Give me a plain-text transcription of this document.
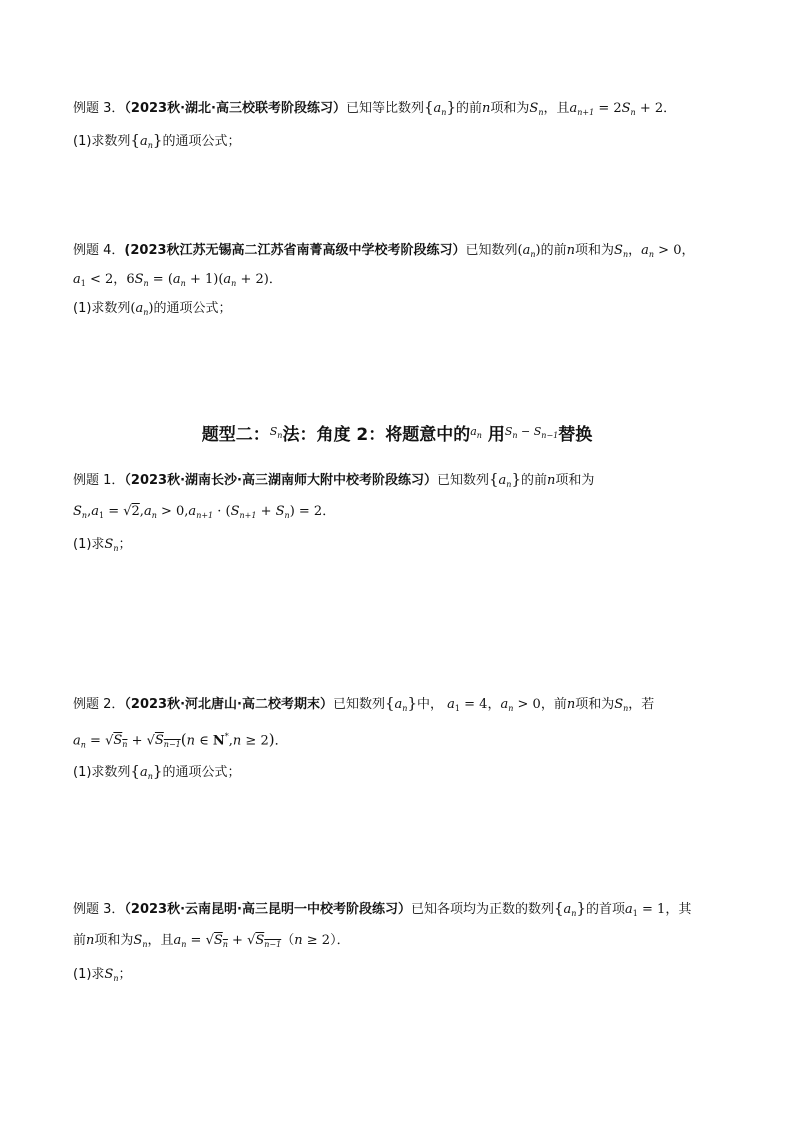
例题 3．（2023秋·湖北·高三校联考阶段练习）已知等比数列$\{a_n\}$的前n项和为$S_n$，且$a_{n+1} = 2S_n + 2$．
(1)求数列$\{a_n\}$的通项公式；
例题 4．(2023秋江苏无锡高二江苏省南菁高级中学校考阶段练习）已知数列$(a_n)$的前n项和为$S_n$，$a_n > 0$，
$a_1 < 2$，$6S_n = (a_n + 1)(a_n + 2)$．
(1)求数列$(a_n)$的通项公式；
题型二：$^{S_n}$法：角度 2：将题意中的$^{a_n}$ 用$^{S_n - S_{n-1}}$替换
例题 1．（2023秋·湖南长沙·高三湖南师大附中校考阶段练习）已知数列$\{a_n\}$的前n项和为
$S_n,a_1 = √2,a_n > 0,a_{n+1} \cdot (S_{n+1} + S_n) = 2$．
(1)求$S_n$；
例题 2．（2023秋·河北唐山·高二校考期末）已知数列$\{a_n\}$中， $a_1 = 4$，$a_n > 0$，前n项和为$S_n$，若
$a_n = √S_n + √S_{n-1}(n$ ∈ N*,n ≥ 2)．
(1)求数列$\{a_n\}$的通项公式；
例题 3．（2023秋·云南昆明·高三昆明一中校考阶段练习）已知各项均为正数的数列$\{a_n\}$的首项$a_1 = 1$，其
前n项和为$S_n$，且$a_n = √S_n + √S_{n-1}(n \ge 2)$．
(1)求$S_n$；
